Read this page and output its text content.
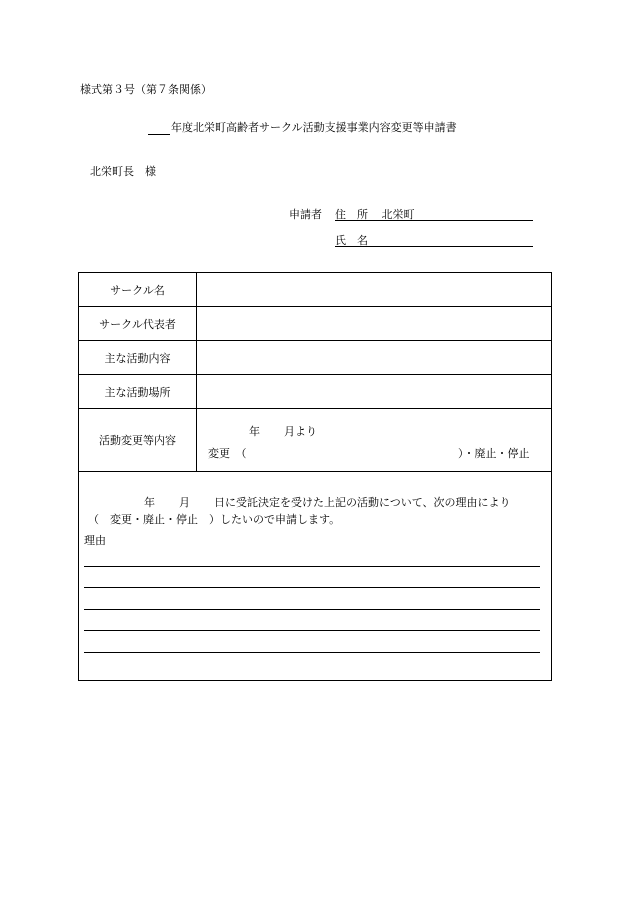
様式第３号（第７条関係）
年度北栄町高齢者サークル活動支援事業内容変更等申請書
北栄町長　様
申請者 住　所 北栄町
氏　名
サークル名	
サークル代表者	
主な活動内容	
主な活動場所	
活動変更等内容	年 月より
変更　（ ）・廃止・停止

年 月 日に受託決定を受けた上記の活動について、次の理由により
（　変更・廃止・停止　）したいので申請します。
理由
